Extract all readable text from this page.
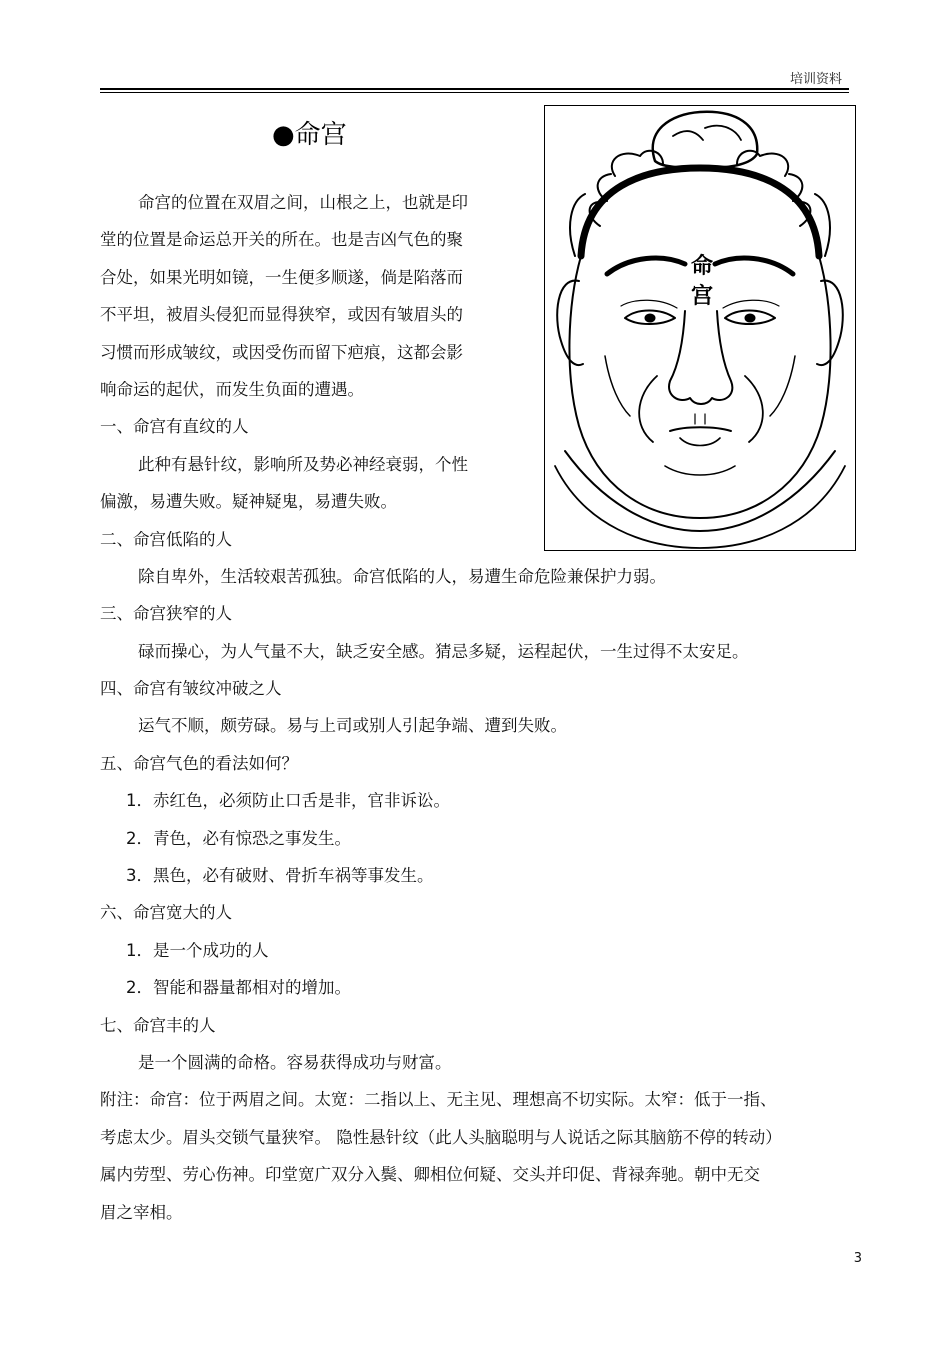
培训资料
●命宫
命
宫
命宫的位置在双眉之间，山根之上，也就是印
堂的位置是命运总开关的所在。也是吉凶气色的聚
合处，如果光明如镜，一生便多顺遂，倘是陷落而
不平坦，被眉头侵犯而显得狭窄，或因有皱眉头的
习惯而形成皱纹，或因受伤而留下疤痕，这都会影
响命运的起伏，而发生负面的遭遇。
一、命宫有直纹的人
此种有悬针纹，影响所及势必神经衰弱，个性
偏激，易遭失败。疑神疑鬼，易遭失败。
二、命宫低陷的人
除自卑外，生活较艰苦孤独。命宫低陷的人，易遭生命危险兼保护力弱。
三、命宫狭窄的人
碌而操心，为人气量不大，缺乏安全感。猜忌多疑，运程起伏，一生过得不太安足。
四、命宫有皱纹冲破之人
运气不顺，颇劳碌。易与上司或别人引起争端、遭到失败。
五、命宫气色的看法如何？
1．赤红色，必须防止口舌是非，官非诉讼。
2．青色，必有惊恐之事发生。
3．黑色，必有破财、骨折车祸等事发生。
六、命宫宽大的人
1．是一个成功的人
2．智能和器量都相对的增加。
七、命宫丰的人
是一个圆满的命格。容易获得成功与财富。
附注：命宫：位于两眉之间。太宽：二指以上、无主见、理想高不切实际。太窄：低于一指、
考虑太少。眉头交锁气量狭窄。 隐性悬针纹（此人头脑聪明与人说话之际其脑筋不停的转动）
属内劳型、劳心伤神。印堂宽广双分入鬓、卿相位何疑、交头并印促、背禄奔驰。朝中无交
眉之宰相。
3
